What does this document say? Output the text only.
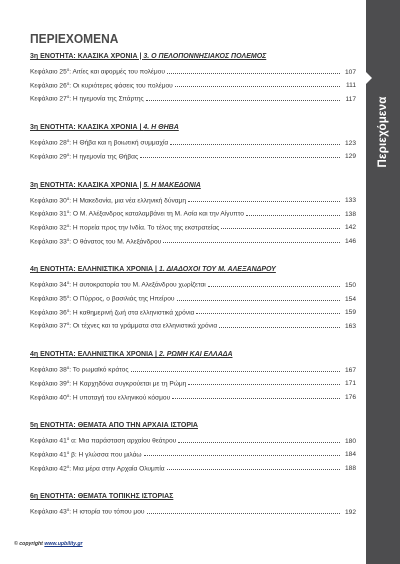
ΠΕΡΙΕΧΟΜΕΝΑ
3η ΕΝΟΤΗΤΑ: ΚΛΑΣΙΚΑ ΧΡΟΝΙΑ | 3. Ο ΠΕΛΟΠΟΝΝΗΣΙΑΚΟΣ ΠΟΛΕΜΟΣ
Κεφάλαιο $25^o$: Αιτίες και αφορμές του πολέμου	107
Κεφάλαιο $26^o$: Οι κυριότερες φάσεις του πολέμου	111
Κεφάλαιο $27^o$: Η ηγεμονία της Σπάρτης	117
3η ΕΝΟΤΗΤΑ: ΚΛΑΣΙΚΑ ΧΡΟΝΙΑ | 4. Η ΘΗΒΑ
Κεφάλαιο $28^o$: Η Θήβα και η βοιωτική συμμαχία	123
Κεφάλαιο $29^o$: Η ηγεμονία της Θήβας	129
3η ΕΝΟΤΗΤΑ: ΚΛΑΣΙΚΑ ΧΡΟΝΙΑ | 5. Η ΜΑΚΕΔΟΝΙΑ
Κεφάλαιο $30^o$: Η Μακεδονία, μια νέα ελληνική δύναμη	133
Κεφάλαιο $31^o$: Ο Μ. Αλέξανδρος καταλαμβάνει τη Μ. Ασία και την Αίγυπτο	138
Κεφάλαιο $32^o$: Η πορεία προς την Ινδία. Το τέλος της εκστρατείας	142
Κεφάλαιο $33^o$: Ο θάνατος του Μ. Αλεξάνδρου	146
4η ΕΝΟΤΗΤΑ: ΕΛΛΗΝΙΣΤΙΚΑ ΧΡΟΝΙΑ | 1. ΔΙΑΔΟΧΟΙ ΤΟΥ Μ. ΑΛΕΞΑΝΔΡΟΥ
Κεφάλαιο $34^o$: Η αυτοκρατορία του Μ. Αλεξάνδρου χωρίζεται	150
Κεφάλαιο $35^o$: Ο Πύρρος, ο βασιλιάς της Ηπείρου	154
Κεφάλαιο $36^o$: Η καθημερινή ζωή στα ελληνιστικά χρόνια	159
Κεφάλαιο $37^o$: Οι τέχνες και τα γράμματα στα ελληνιστικά χρόνια	163
4η ΕΝΟΤΗΤΑ: ΕΛΛΗΝΙΣΤΙΚΑ ΧΡΟΝΙΑ | 2. ΡΩΜΗ ΚΑΙ ΕΛΛΑΔΑ
Κεφάλαιο $38^o$: Το ρωμαϊκό κράτος	167
Κεφάλαιο $39^o$: Η Καρχηδόνα συγκρούεται με τη Ρώμη	171
Κεφάλαιο $40^o$: Η υποταγή του ελληνικού κόσμου	176
5η ΕΝΟΤΗΤΑ: ΘΕΜΑΤΑ ΑΠΟ ΤΗΝ ΑΡΧΑΙΑ ΙΣΤΟΡΙΑ
Κεφάλαιο $41^o$ α: Μια παράσταση αρχαίου θεάτρου	180
Κεφάλαιο $41^o$ β: Η γλώσσα που μιλάω	184
Κεφάλαιο $42^o$: Μια μέρα στην Αρχαία Ολυμπία	188
6η ΕΝΟΤΗΤΑ: ΘΕΜΑΤΑ ΤΟΠΙΚΗΣ ΙΣΤΟΡΙΑΣ
Κεφάλαιο $43^o$: Η ιστορία του τόπου μου	192
© copyright www.upbility.gr
Περιεχόμενα
